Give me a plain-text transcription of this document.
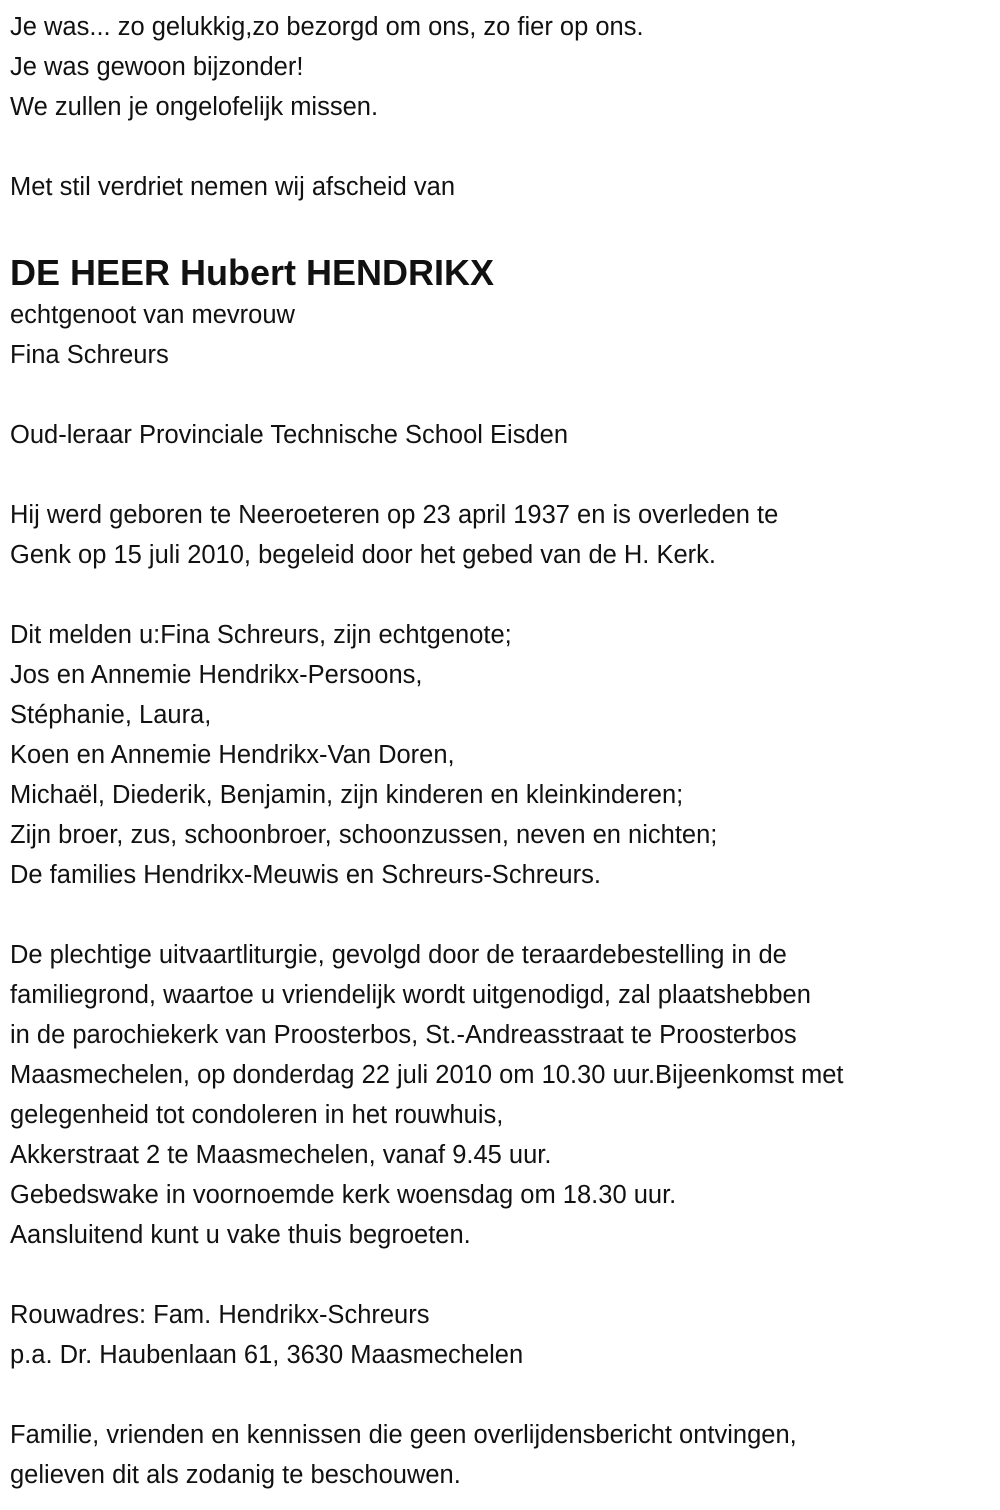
Je was... zo gelukkig,zo bezorgd om ons, zo fier op ons.
Je was gewoon bijzonder!
We zullen je ongelofelijk missen.
Met stil verdriet nemen wij afscheid van
DE HEER Hubert HENDRIKX
echtgenoot van mevrouw
Fina Schreurs
Oud-leraar Provinciale Technische School Eisden
Hij werd geboren te Neeroeteren op 23 april 1937 en is overleden te
Genk op 15 juli 2010, begeleid door het gebed van de H. Kerk.
Dit melden u:Fina Schreurs, zijn echtgenote;
Jos en Annemie Hendrikx-Persoons,
Stéphanie, Laura,
Koen en Annemie Hendrikx-Van Doren,
Michaël, Diederik, Benjamin, zijn kinderen en kleinkinderen;
Zijn broer, zus, schoonbroer, schoonzussen, neven en nichten;
De families Hendrikx-Meuwis en Schreurs-Schreurs.
De plechtige uitvaartliturgie, gevolgd door de teraardebestelling in de
familiegrond, waartoe u vriendelijk wordt uitgenodigd, zal plaatshebben
in de parochiekerk van Proosterbos, St.-Andreasstraat te Proosterbos
Maasmechelen, op donderdag 22 juli 2010 om 10.30 uur.Bijeenkomst met
gelegenheid tot condoleren in het rouwhuis,
Akkerstraat 2 te Maasmechelen, vanaf 9.45 uur.
Gebedswake in voornoemde kerk woensdag om 18.30 uur.
Aansluitend kunt u vake thuis begroeten.
Rouwadres: Fam. Hendrikx-Schreurs
p.a. Dr. Haubenlaan 61, 3630 Maasmechelen
Familie, vrienden en kennissen die geen overlijdensbericht ontvingen,
gelieven dit als zodanig te beschouwen.
